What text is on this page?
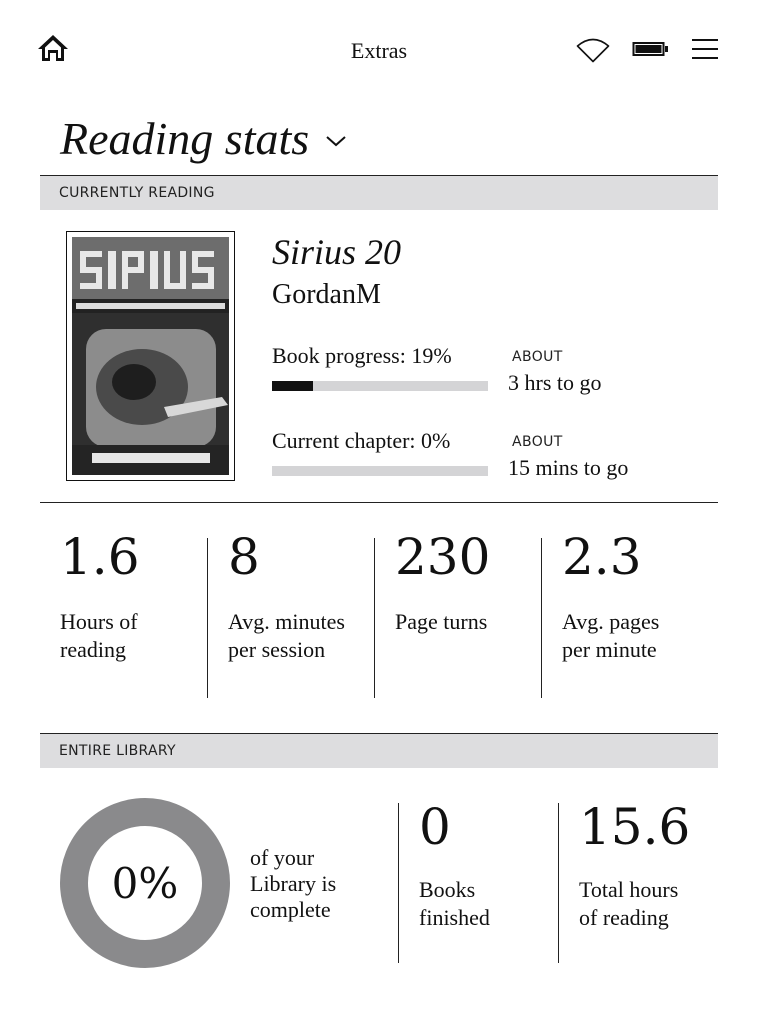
Extras
Reading stats
CURRENTLY READING
Sirius 20
GordanM
Book progress: 19%	ABOUT
3 hrs to go
Current chapter: 0%	ABOUT
15 mins to go
1.6
Hours of reading
8
Avg. minutes per session
230
Page turns
2.3
Avg. pages per minute
ENTIRE LIBRARY
0%
of your Library is complete
0
Books finished
15.6
Total hours of reading
